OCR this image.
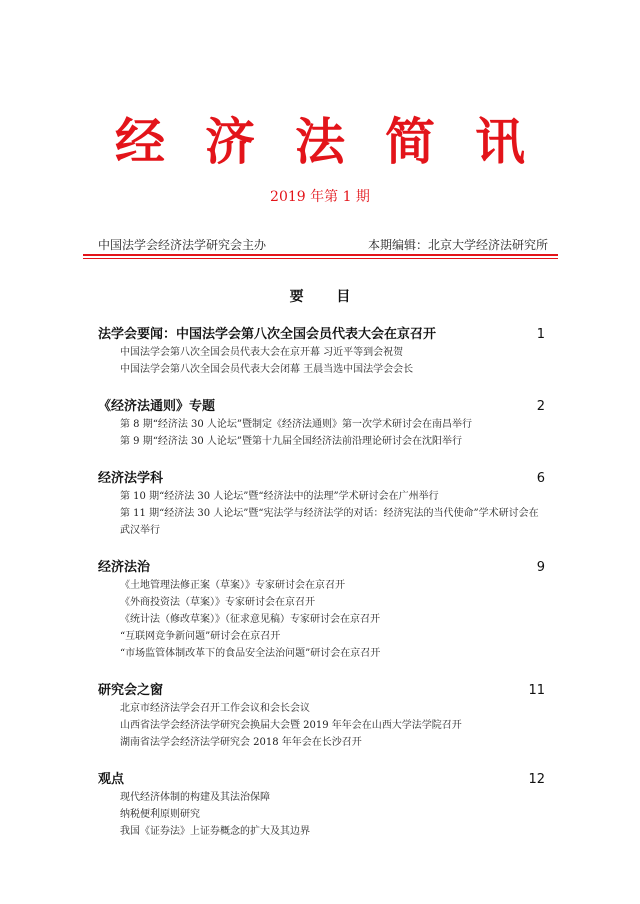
经济法简讯
2019 年第 1 期
中国法学会经济法学研究会主办	本期编辑：北京大学经济法研究所
要 目
法学会要闻：中国法学会第八次全国会员代表大会在京召开	1
中国法学会第八次全国会员代表大会在京开幕 习近平等到会祝贺
中国法学会第八次全国会员代表大会闭幕 王晨当选中国法学会会长
《经济法通则》专题	2
第 8 期“经济法 30 人论坛”暨制定《经济法通则》第一次学术研讨会在南昌举行
第 9 期“经济法 30 人论坛”暨第十九届全国经济法前沿理论研讨会在沈阳举行
经济法学科	6
第 10 期“经济法 30 人论坛”暨“经济法中的法理”学术研讨会在广州举行
第 11 期“经济法 30 人论坛”暨“宪法学与经济法学的对话：经济宪法的当代使命”学术研讨会在武汉举行
经济法治	9
《土地管理法修正案（草案）》专家研讨会在京召开
《外商投资法（草案）》专家研讨会在京召开
《统计法（修改草案）》（征求意见稿）专家研讨会在京召开
“互联网竞争新问题”研讨会在京召开
“市场监管体制改革下的食品安全法治问题”研讨会在京召开
研究会之窗	11
北京市经济法学会召开工作会议和会长会议
山西省法学会经济法学研究会换届大会暨 2019 年年会在山西大学法学院召开
湖南省法学会经济法学研究会 2018 年年会在长沙召开
观点	12
现代经济体制的构建及其法治保障
纳税便利原则研究
我国《证券法》上证券概念的扩大及其边界
